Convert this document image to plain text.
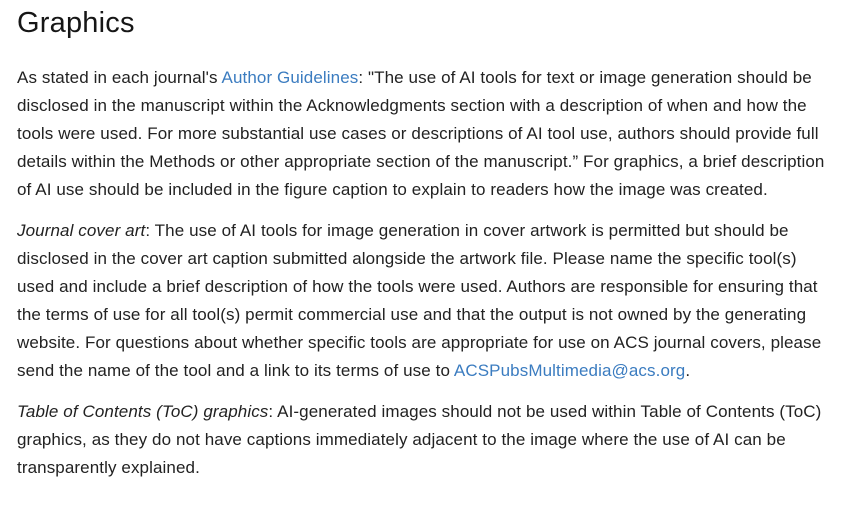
Graphics

As stated in each journal's Author Guidelines: "The use of AI tools for text or image generation should be disclosed in the manuscript within the Acknowledgments section with a description of when and how the tools were used. For more substantial use cases or descriptions of AI tool use, authors should provide full details within the Methods or other appropriate section of the manuscript.” For graphics, a brief description of AI use should be included in the figure caption to explain to readers how the image was created.

Journal cover art: The use of AI tools for image generation in cover artwork is permitted but should be disclosed in the cover art caption submitted alongside the artwork file. Please name the specific tool(s) used and include a brief description of how the tools were used. Authors are responsible for ensuring that the terms of use for all tool(s) permit commercial use and that the output is not owned by the generating website. For questions about whether specific tools are appropriate for use on ACS journal covers, please send the name of the tool and a link to its terms of use to ACSPubsMultimedia@acs.org.

Table of Contents (ToC) graphics: AI-generated images should not be used within Table of Contents (ToC) graphics, as they do not have captions immediately adjacent to the image where the use of AI can be transparently explained.
